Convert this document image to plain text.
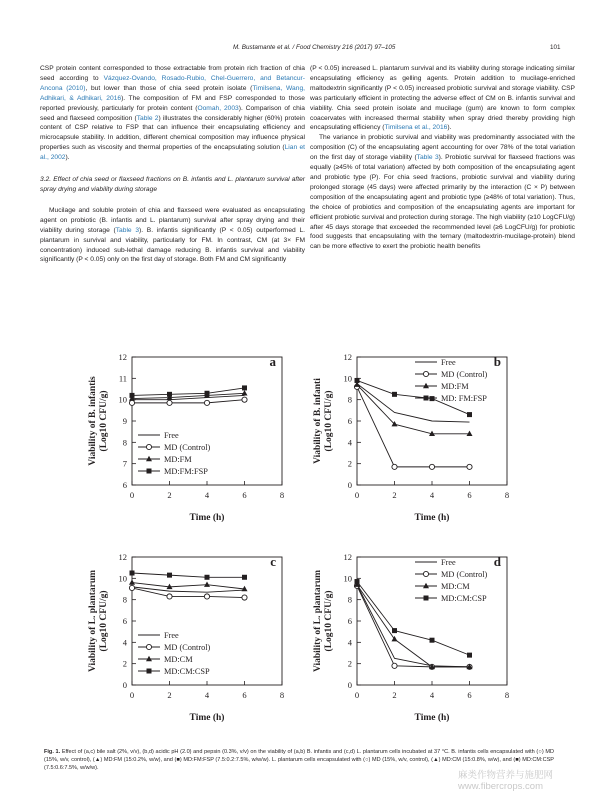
M. Bustamante et al. / Food Chemistry 216 (2017) 97–105	101

CSP protein content corresponded to those extractable from protein rich fraction of chia seed according to Vázquez-Ovando, Rosado-Rubio, Chel-Guerrero, and Betancur-Ancona (2010), but lower than those of chia seed protein isolate (Timilsena, Wang, Adhikari, & Adhikari, 2016). The composition of FM and FSP corresponded to those reported previously, particularly for protein content (Oomah, 2003). Comparison of chia seed and flaxseed composition (Table 2) illustrates the considerably higher (60%) protein content of CSP relative to FSP that can influence their encapsulating efficiency and microcapsule stability. In addition, different chemical composition may influence physical properties such as viscosity and thermal properties of the encapsulating solution (Lian et al., 2002).

3.2. Effect of chia seed or flaxseed fractions on B. infantis and L. plantarum survival after spray drying and viability during storage

Mucilage and soluble protein of chia and flaxseed were evaluated as encapsulating agent on probiotic (B. infantis and L. plantarum) survival after spray drying and their viability during storage (Table 3). B. infantis significantly (P < 0.05) outperformed L. plantarum in survival and viability, particularly for FM. In contrast, CM (at 3× FM concentration) induced sub-lethal damage reducing B. infantis survival and viability significantly (P < 0.05) only on the first day of storage. Both FM and CM significantly

(P < 0.05) increased L. plantarum survival and its viability during storage indicating similar encapsulating efficiency as gelling agents. Protein addition to mucilage-enriched maltodextrin significantly (P < 0.05) increased probiotic survival and storage viability. CSP was particularly efficient in protecting the adverse effect of CM on B. infantis survival and viability. Chia seed protein isolate and mucilage (gum) are known to form complex coacervates with increased thermal stability when spray dried thereby providing high encapsulating efficiency (Timilsena et al., 2016).

The variance in probiotic survival and viability was predominantly associated with the composition (C) of the encapsulating agent accounting for over 78% of the total variation on the first day of storage viability (Table 3). Probiotic survival for flaxseed fractions was equally (≥45% of total variation) affected by both composition of the encapsulating agent and probiotic type (P). For chia seed fractions, probiotic survival and viability during prolonged storage (45 days) were affected primarily by the interaction (C × P) between composition of the encapsulating agent and probiotic type (≥48% of total variation). Thus, the choice of probiotics and composition of the encapsulating agents are important for efficient probiotic survival and protection during storage. The high viability (≥10 LogCFU/g) after 45 days storage that exceeded the recommended level (≥6 LogCFU/g) for probiotic food suggests that encapsulating with the ternary (maltodextrin-mucilage-protein) blend can be more effective to exert the probiotic health benefits

6
7
8
9
10
11
12
0	2	4	6	8
Time (h)
Viability of B. infantis(Log10 CFU/g)
a
Free
MD (Control)
MD:FM
MD:FM:FSP
0
2
4
6
8
10
12
0	2	4	6	8
Time (h)
Viability of B. infanti(Log10 CFU/g)
b
Free
MD (Control)
MD:FM
MD: FM:FSP
0
2
4
6
8
10
12
0	2	4	6	8
Time (h)
Viability of L. plantarum(Log10 CFU/g)
c
Free
MD (Control)
MD:CM
MD:CM:CSP
0
2
4
6
8
10
12
0	2	4	6	8
Time (h)
Viability of L. plantarum(Log10 CFU/g)
d
Free
MD (Control)
MD:CM
MD:CM:CSP
Fig. 1. Effect of (a,c) bile salt (2%, v/v), (b,d) acidic pH (2.0) and pepsin (0.3%, v/v) on the viability of (a,b) B. infantis and (c,d) L. plantarum cells incubated at 37 °C. B. infantis cells encapsulated with (○) MD (15%, w/v, control), (▲) MD:FM (15:0.2%, w/w), and (■) MD:FM:FSP (7.5:0.2:7.5%, w/w/w). L. plantarum cells encapsulated with (○) MD (15%, w/v, control), (▲) MD:CM (15:0.8%, w/w), and (■) MD:CM:CSP (7.5:0.6:7.5%, w/w/w).
麻类作物营养与施肥网 www.fibercrops.com
